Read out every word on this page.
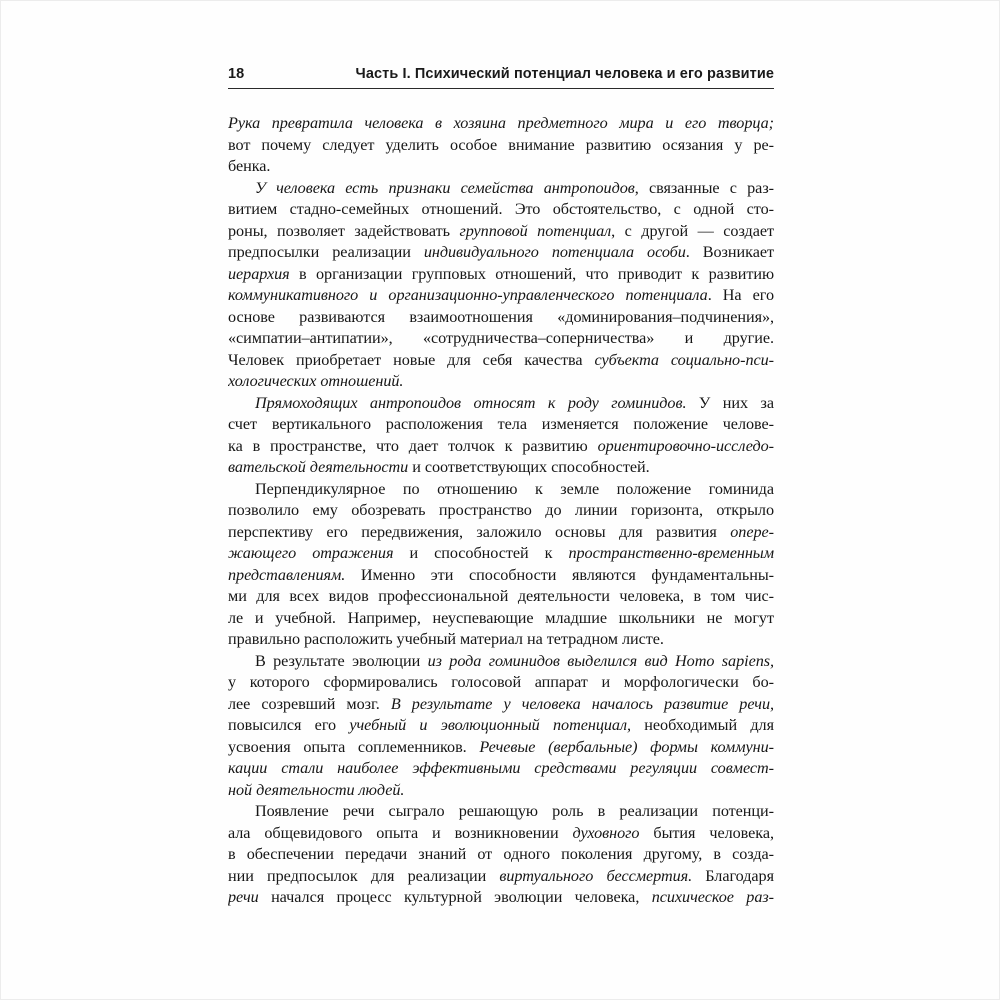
18	Часть I. Психический потенциал человека и его развитие

Рука превратила человека в хозяина предметного мира и его творца;
вот почему следует уделить особое внимание развитию осязания у ре-
бенка.

У человека есть признаки семейства антропоидов, связанные с раз-
витием стадно-семейных отношений. Это обстоятельство, с одной сто-
роны, позволяет задействовать групповой потенциал, с другой — создает
предпосылки реализации индивидуального потенциала особи. Возникает
иерархия в организации групповых отношений, что приводит к развитию
коммуникативного и организационно-управленческого потенциала. На его
основе развиваются взаимоотношения «доминирования–подчинения»,
«симпатии–антипатии», «сотрудничества–соперничества» и другие.
Человек приобретает новые для себя качества субъекта социально-пси-
хологических отношений.

Прямоходящих антропоидов относят к роду гоминидов. У них за
счет вертикального расположения тела изменяется положение челове-
ка в пространстве, что дает толчок к развитию ориентировочно-исследо-
вательской деятельности и соответствующих способностей.

Перпендикулярное по отношению к земле положение гоминида
позволило ему обозревать пространство до линии горизонта, открыло
перспективу его передвижения, заложило основы для развития опере-
жающего отражения и способностей к пространственно-временным
представлениям. Именно эти способности являются фундаментальны-
ми для всех видов профессиональной деятельности человека, в том чис-
ле и учебной. Например, неуспевающие младшие школьники не могут
правильно расположить учебный материал на тетрадном листе.

В результате эволюции из рода гоминидов выделился вид Homo sapiens,
у которого сформировались голосовой аппарат и морфологически бо-
лее созревший мозг. В результате у человека началось развитие речи,
повысился его учебный и эволюционный потенциал, необходимый для
усвоения опыта соплеменников. Речевые (вербальные) формы коммуни-
кации стали наиболее эффективными средствами регуляции совмест-
ной деятельности людей.

Появление речи сыграло решающую роль в реализации потенци-
ала общевидового опыта и возникновении духовного бытия человека,
в обеспечении передачи знаний от одного поколения другому, в созда-
нии предпосылок для реализации виртуального бессмертия. Благодаря
речи начался процесс культурной эволюции человека, психическое раз-
